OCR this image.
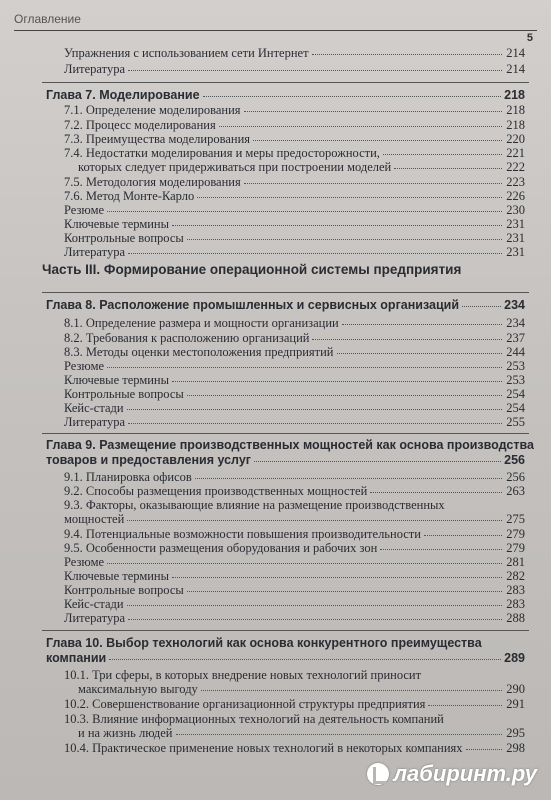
Оглавление
5
Упражнения с использованием сети Интернет	214
Литература	214
Глава 7. Моделирование	218
7.1. Определение моделирования	218
7.2. Процесс моделирования	218
7.3. Преимущества моделирования	220
7.4. Недостатки моделирования и меры предосторожности,	221
которых следует придерживаться при построении моделей	222
7.5. Методология моделирования	223
7.6. Метод Монте-Карло	226
Резюме	230
Ключевые термины	231
Контрольные вопросы	231
Литература	231
Часть III. Формирование операционной системы предприятия
Глава 8. Расположение промышленных и сервисных организаций	234
8.1. Определение размера и мощности организации	234
8.2. Требования к расположению организаций	237
8.3. Методы оценки местоположения предприятий	244
Резюме	253
Ключевые термины	253
Контрольные вопросы	254
Кейс-стади	254
Литература	255
Глава 9. Размещение производственных мощностей как основа производства
товаров и предоставления услуг	256
9.1. Планировка офисов	256
9.2. Способы размещения производственных мощностей	263
9.3. Факторы, оказывающие влияние на размещение производственных
мощностей	275
9.4. Потенциальные возможности повышения производительности	279
9.5. Особенности размещения оборудования и рабочих зон	279
Резюме	281
Ключевые термины	282
Контрольные вопросы	283
Кейс-стади	283
Литература	288
Глава 10. Выбор технологий как основа конкурентного преимущества
компании	289
10.1. Три сферы, в которых внедрение новых технологий приносит
максимальную выгоду	290
10.2. Совершенствование организационной структуры предприятия	291
10.3. Влияние информационных технологий на деятельность компаний
и на жизнь людей	295
10.4. Практическое применение новых технологий в некоторых компаниях	298
лабиринт.ру
